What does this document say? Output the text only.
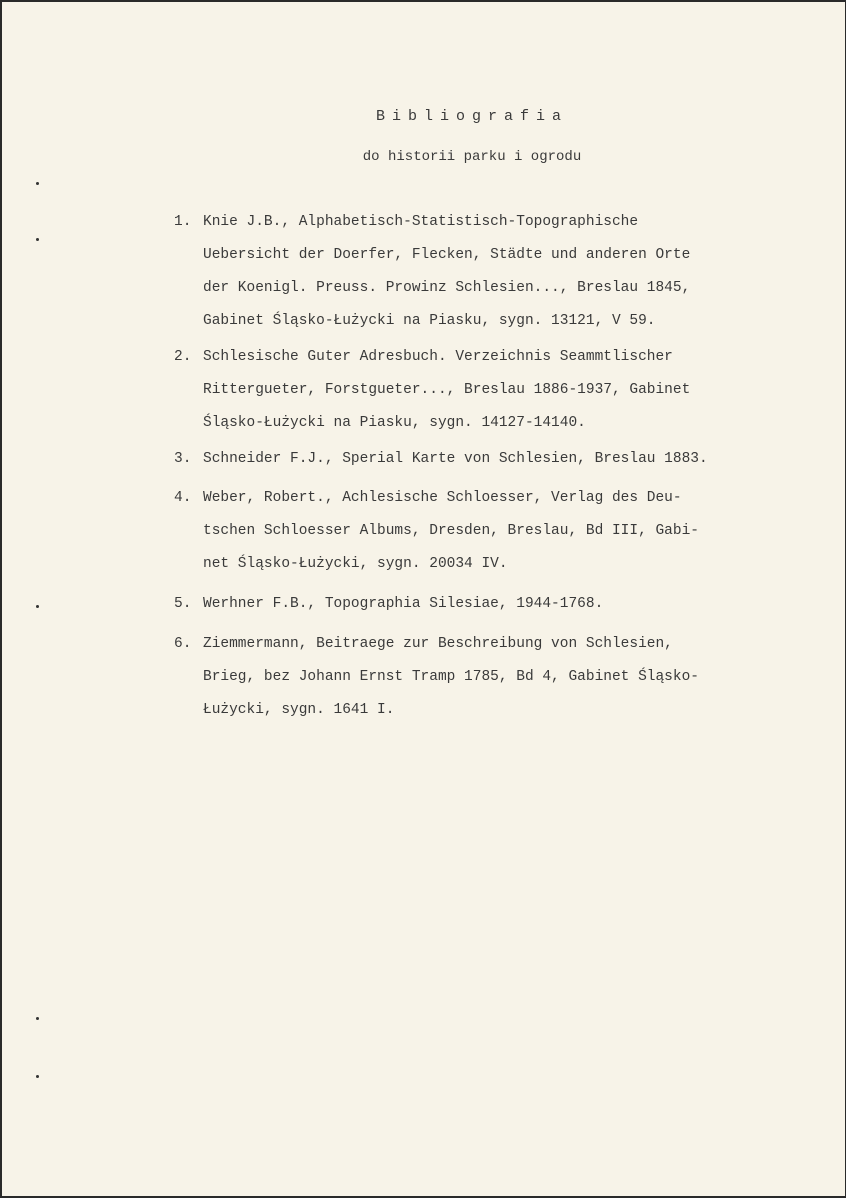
Bibliografia
do historii parku i ogrodu
1. Knie J.B., Alphabetisch-Statistisch-Topographische
Uebersicht der Doerfer, Flecken, Städte und anderen Orte
der Koenigl. Preuss. Prowinz Schlesien..., Breslau 1845,
Gabinet Śląsko-Łużycki na Piasku, sygn. 13121, V 59.
2. Schlesische Guter Adresbuch. Verzeichnis Seammtlischer
Rittergueter, Forstgueter..., Breslau 1886-1937, Gabinet
Śląsko-Łużycki na Piasku, sygn. 14127-14140.
3. Schneider F.J., Sperial Karte von Schlesien, Breslau 1883.
4. Weber, Robert., Achlesische Schloesser, Verlag des Deu-
tschen Schloesser Albums, Dresden, Breslau, Bd III, Gabi-
net Śląsko-Łużycki, sygn. 20034 IV.
5. Werhner F.B., Topographia Silesiae, 1944-1768.
6. Ziemmermann, Beitraege zur Beschreibung von Schlesien,
Brieg, bez Johann Ernst Tramp 1785, Bd 4, Gabinet Śląsko-
Łużycki, sygn. 1641 I.
